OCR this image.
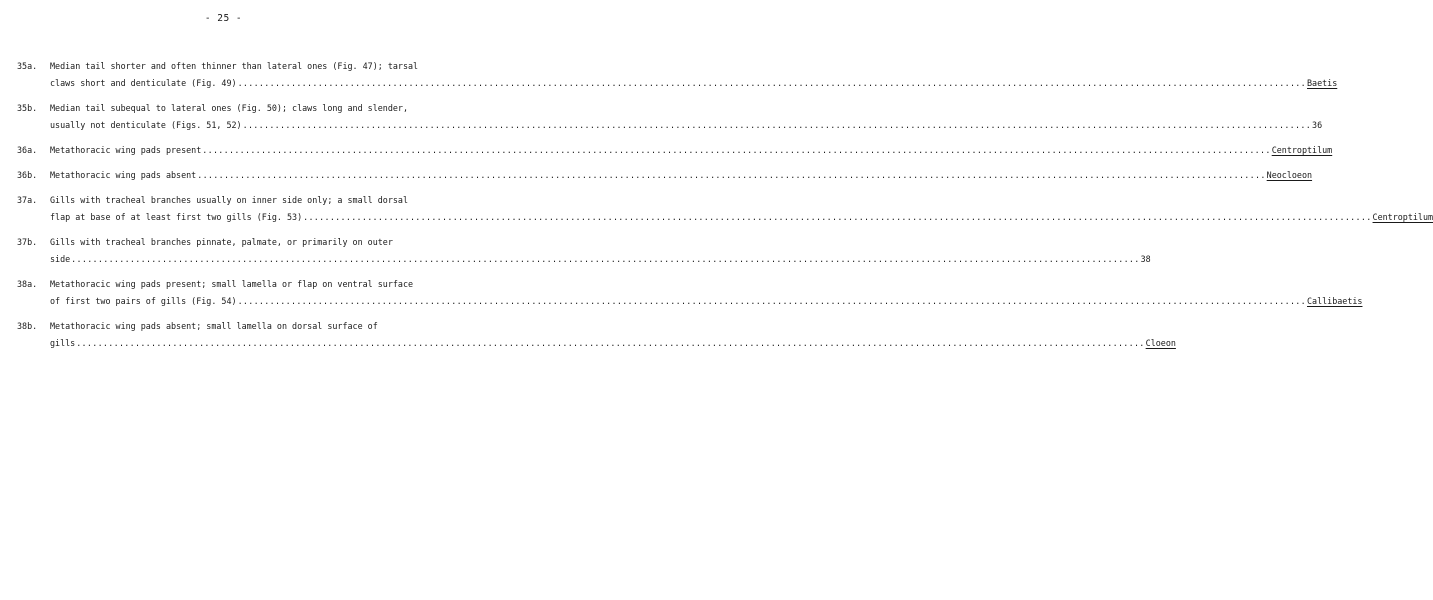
- 25 -
35a.	Median tail shorter and often thinner than lateral ones (Fig. 47); tarsal
claws short and denticulate (Fig. 49) ........................................................................................................................................................................................................ Baetis
35b.	Median tail subequal to lateral ones (Fig. 50); claws long and slender,
usually not denticulate (Figs. 51, 52) ........................................................................................................................................................................................................ 36
36a.	Metathoracic wing pads present ........................................................................................................................................................................................................ Centroptilum
36b.	Metathoracic wing pads absent ........................................................................................................................................................................................................ Neocloeon
37a.	Gills with tracheal branches usually on inner side only; a small dorsal
flap at base of at least first two gills (Fig. 53) ........................................................................................................................................................................................................ Centroptilum
37b.	Gills with tracheal branches pinnate, palmate, or primarily on outer
side ........................................................................................................................................................................................................ 38
38a.	Metathoracic wing pads present; small lamella or flap on ventral surface
of first two pairs of gills (Fig. 54) ........................................................................................................................................................................................................ Callibaetis
38b.	Metathoracic wing pads absent; small lamella on dorsal surface of
gills ........................................................................................................................................................................................................ Cloeon
